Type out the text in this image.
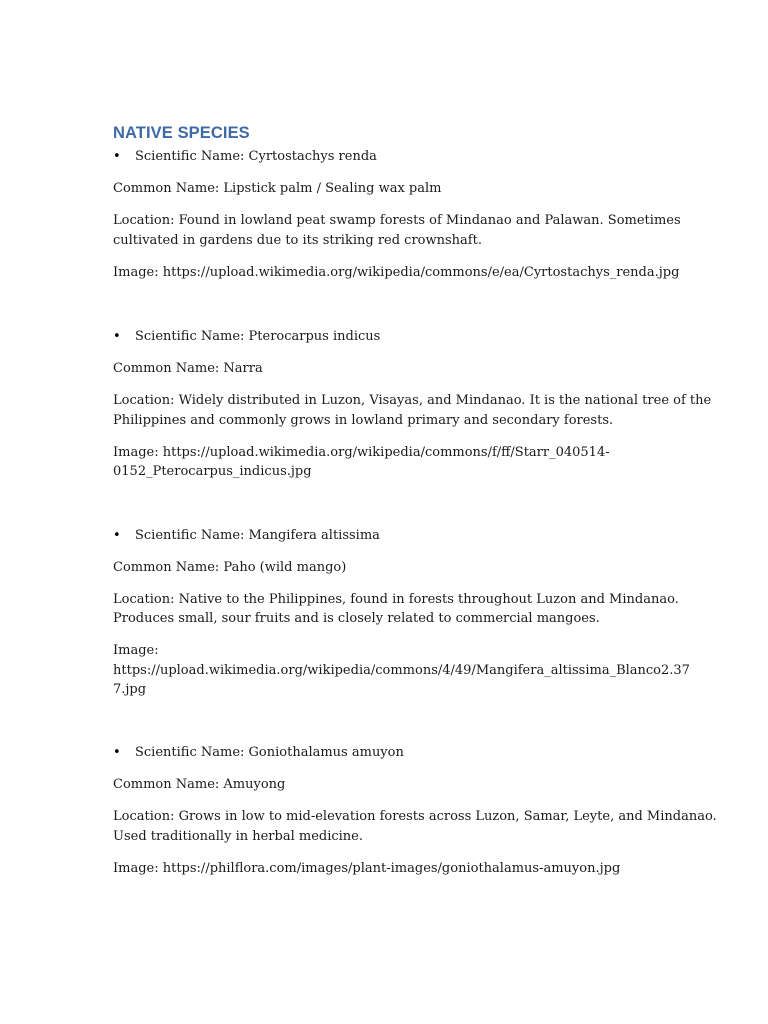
NATIVE SPECIES
• Scientific Name: Cyrtostachys renda
Common Name: Lipstick palm / Sealing wax palm
Location: Found in lowland peat swamp forests of Mindanao and Palawan. Sometimes
cultivated in gardens due to its striking red crownshaft.
Image: https://upload.wikimedia.org/wikipedia/commons/e/ea/Cyrtostachys_renda.jpg
• Scientific Name: Pterocarpus indicus
Common Name: Narra
Location: Widely distributed in Luzon, Visayas, and Mindanao. It is the national tree of the
Philippines and commonly grows in lowland primary and secondary forests.
Image: https://upload.wikimedia.org/wikipedia/commons/f/ff/Starr_040514-
0152_Pterocarpus_indicus.jpg
• Scientific Name: Mangifera altissima
Common Name: Paho (wild mango)
Location: Native to the Philippines, found in forests throughout Luzon and Mindanao.
Produces small, sour fruits and is closely related to commercial mangoes.
Image:
https://upload.wikimedia.org/wikipedia/commons/4/49/Mangifera_altissima_Blanco2.37
7.jpg
• Scientific Name: Goniothalamus amuyon
Common Name: Amuyong
Location: Grows in low to mid-elevation forests across Luzon, Samar, Leyte, and Mindanao.
Used traditionally in herbal medicine.
Image: https://philflora.com/images/plant-images/goniothalamus-amuyon.jpg
